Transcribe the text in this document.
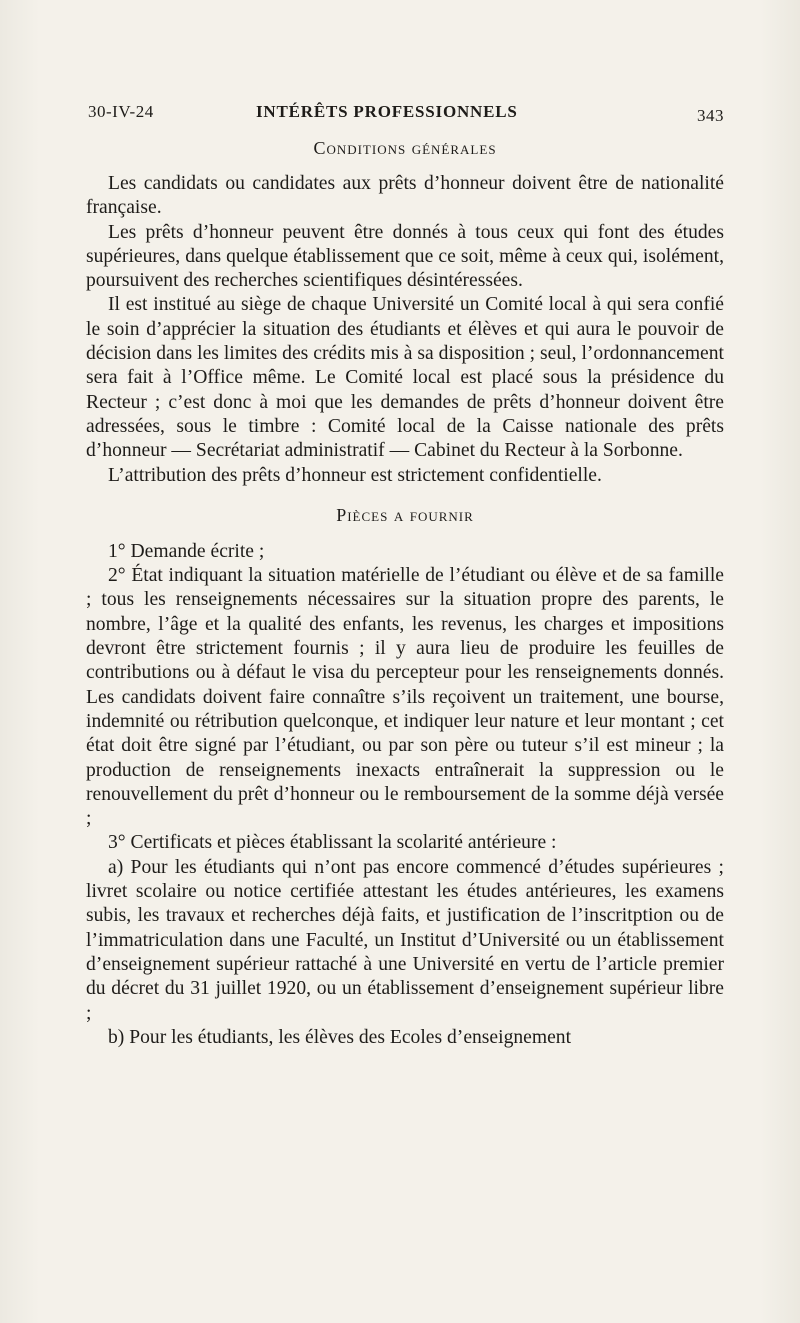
30-IV-24	INTÉRÊTS PROFESSIONNELS	343
Conditions générales

Les candidats ou candidates aux prêts d’honneur doivent être de nationalité française.

Les prêts d’honneur peuvent être donnés à tous ceux qui font des études supérieures, dans quelque établissement que ce soit, même à ceux qui, isolément, poursuivent des recherches scientifiques désintéressées.

Il est institué au siège de chaque Université un Comité local à qui sera confié le soin d’apprécier la situation des étudiants et élèves et qui aura le pouvoir de décision dans les limites des crédits mis à sa disposition ; seul, l’ordonnancement sera fait à l’Office même. Le Comité local est placé sous la présidence du Recteur ; c’est donc à moi que les demandes de prêts d’honneur doivent être adressées, sous le timbre : Comité local de la Caisse nationale des prêts d’honneur — Secrétariat administratif — Cabinet du Recteur à la Sorbonne.

L’attribution des prêts d’honneur est strictement confidentielle.

Pièces a fournir

1° Demande écrite ;

2° État indiquant la situation matérielle de l’étudiant ou élève et de sa famille ; tous les renseignements nécessaires sur la situation propre des parents, le nombre, l’âge et la qualité des enfants, les revenus, les charges et impositions devront être strictement fournis ; il y aura lieu de produire les feuilles de contributions ou à défaut le visa du percepteur pour les renseignements donnés. Les candidats doivent faire connaître s’ils reçoivent un traitement, une bourse, indemnité ou rétribution quelconque, et indiquer leur nature et leur montant ; cet état doit être signé par l’étudiant, ou par son père ou tuteur s’il est mineur ; la production de renseignements inexacts entraînerait la suppression ou le renouvellement du prêt d’honneur ou le remboursement de la somme déjà versée ;

3° Certificats et pièces établissant la scolarité antérieure :

a) Pour les étudiants qui n’ont pas encore commencé d’études supérieures ; livret scolaire ou notice certifiée attestant les études antérieures, les examens subis, les travaux et recherches déjà faits, et justification de l’inscritption ou de l’immatriculation dans une Faculté, un Institut d’Université ou un établissement d’enseignement supérieur rattaché à une Université en vertu de l’article premier du décret du 31 juillet 1920, ou un établissement d’enseignement supérieur libre ;

b) Pour les étudiants, les élèves des Ecoles d’enseignement
